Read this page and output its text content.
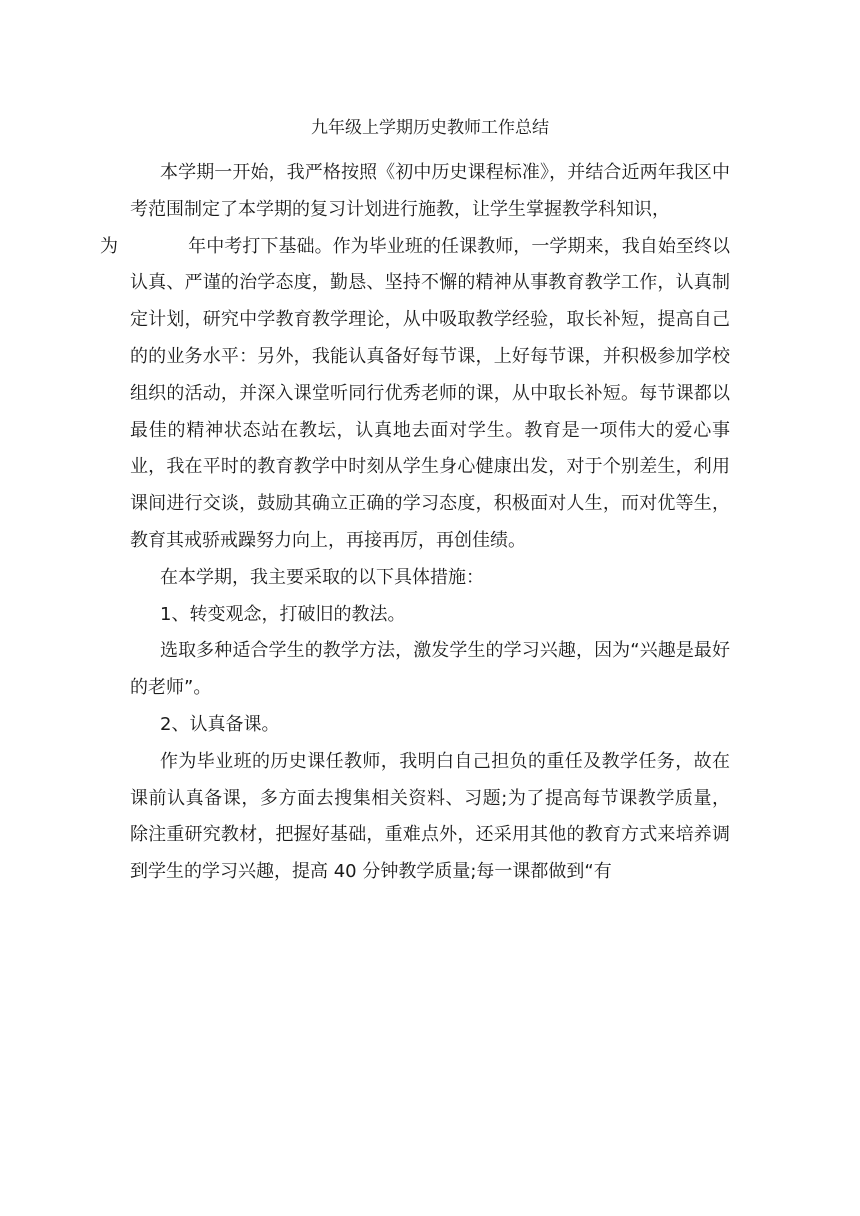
九年级上学期历史教师工作总结

本学期一开始，我严格按照《初中历史课程标准》，并结合近两年我区中考范围制定了本学期的复习计划进行施教，让学生掌握教学科知识，
为	年中考打下基础。作为毕业班的任课教师，一学期来，我自始至终以认真、严谨的治学态度，勤恳、坚持不懈的精神从事教育教学工作，认真制定计划，研究中学教育教学理论，从中吸取教学经验，取长补短，提高自己的的业务水平：另外，我能认真备好每节课，上好每节课，并积极参加学校组织的活动，并深入课堂听同行优秀老师的课，从中取长补短。每节课都以最佳的精神状态站在教坛，认真地去面对学生。教育是一项伟大的爱心事业，我在平时的教育教学中时刻从学生身心健康出发，对于个别差生，利用课间进行交谈，鼓励其确立正确的学习态度，积极面对人生，而对优等生，教育其戒骄戒躁努力向上，再接再厉，再创佳绩。

在本学期，我主要采取的以下具体措施：

1、转变观念，打破旧的教法。

选取多种适合学生的教学方法，激发学生的学习兴趣，因为“兴趣是最好的老师”。

2、认真备课。

作为毕业班的历史课任教师，我明白自己担负的重任及教学任务，故在课前认真备课，多方面去搜集相关资料、习题;为了提高每节课教学质量，除注重研究教材，把握好基础，重难点外，还采用其他的教育方式来培养调到学生的学习兴趣，提高 40 分钟教学质量;每一课都做到“有
